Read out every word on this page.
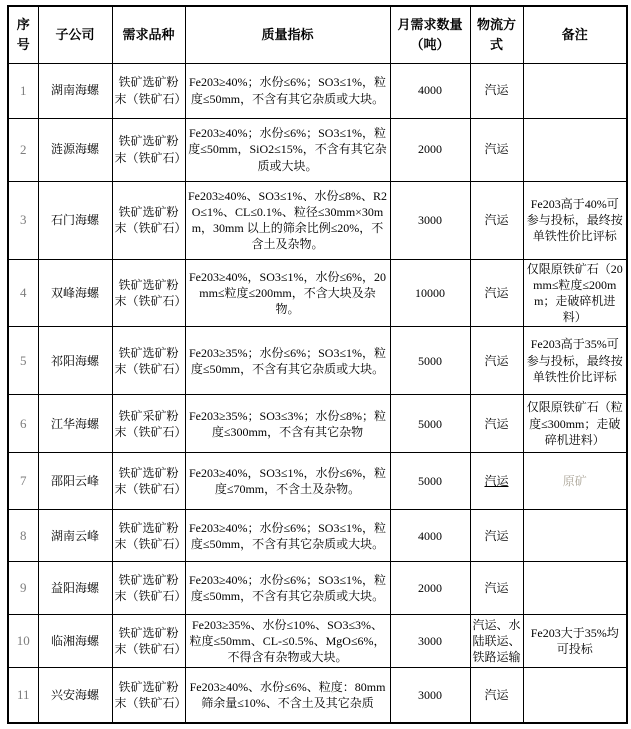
序号	子公司	需求品种	质量指标	月需求数量（吨）	物流方式	备注
1	湖南海螺	铁矿选矿粉末（铁矿石）	Fe203≥40%；水份≤6%；SO3≤1%，粒度≤50mm，不含有其它杂质或大块。	4000	汽运	
2	涟源海螺	铁矿选矿粉末（铁矿石）	Fe203≥40%；水份≤6%；SO3≤1%，粒度≤50mm，SiO2≤15%，不含有其它杂质或大块。	2000	汽运	
3	石门海螺	铁矿选矿粉末（铁矿石）	Fe203≥40%、SO3≤1%、水份≤8%、R2O≤1%、CL≤0.1%、粒径≤30mm×30mm，30mm 以上的筛余比例≤20%，不含土及杂物。	3000	汽运	Fe203高于40%可参与投标，最终按单铁性价比评标
4	双峰海螺	铁矿选矿粉末（铁矿石）	Fe203≥40%，SO3≤1%，水份≤6%，20mm≤粒度≤200mm，不含大块及杂物。	10000	汽运	仅限原铁矿石（20mm≤粒度≤200mm；走破碎机进料）
5	祁阳海螺	铁矿选矿粉末（铁矿石）	Fe203≥35%；水份≤6%；SO3≤1%，粒度≤50mm，不含有其它杂质或大块。	5000	汽运	Fe203高于35%可参与投标，最终按单铁性价比评标
6	江华海螺	铁矿采矿粉末（铁矿石）	Fe203≥35%；SO3≤3%；水份≤8%；粒度≤300mm，不含有其它杂物	5000	汽运	仅限原铁矿石（粒度≤300mm；走破碎机进料）
7	邵阳云峰	铁矿选矿粉末（铁矿石）	Fe203≥40%，SO3≤1%，水份≤6%，粒度≤70mm，不含土及杂物。	5000	汽运	原矿
8	湖南云峰	铁矿选矿粉末（铁矿石）	Fe203≥40%；水份≤6%；SO3≤1%，粒度≤50mm，不含有其它杂质或大块。	4000	汽运	
9	益阳海螺	铁矿选矿粉末（铁矿石）	Fe203≥40%；水份≤6%；SO3≤1%，粒度≤50mm，不含有其它杂质或大块。	2000	汽运	
10	临湘海螺	铁矿选矿粉末（铁矿石）	Fe203≥35%、水份≤10%、SO3≤3%、粒度≤50mm、CL-≤0.5%、MgO≤6%，不得含有杂物或大块。	3000	汽运、水陆联运、铁路运输	Fe203大于35%均可投标
11	兴安海螺	铁矿选矿粉末（铁矿石）	Fe203≥40%、水份≤6%、粒度：80mm 筛余量≤10%、不含土及其它杂质	3000	汽运	
